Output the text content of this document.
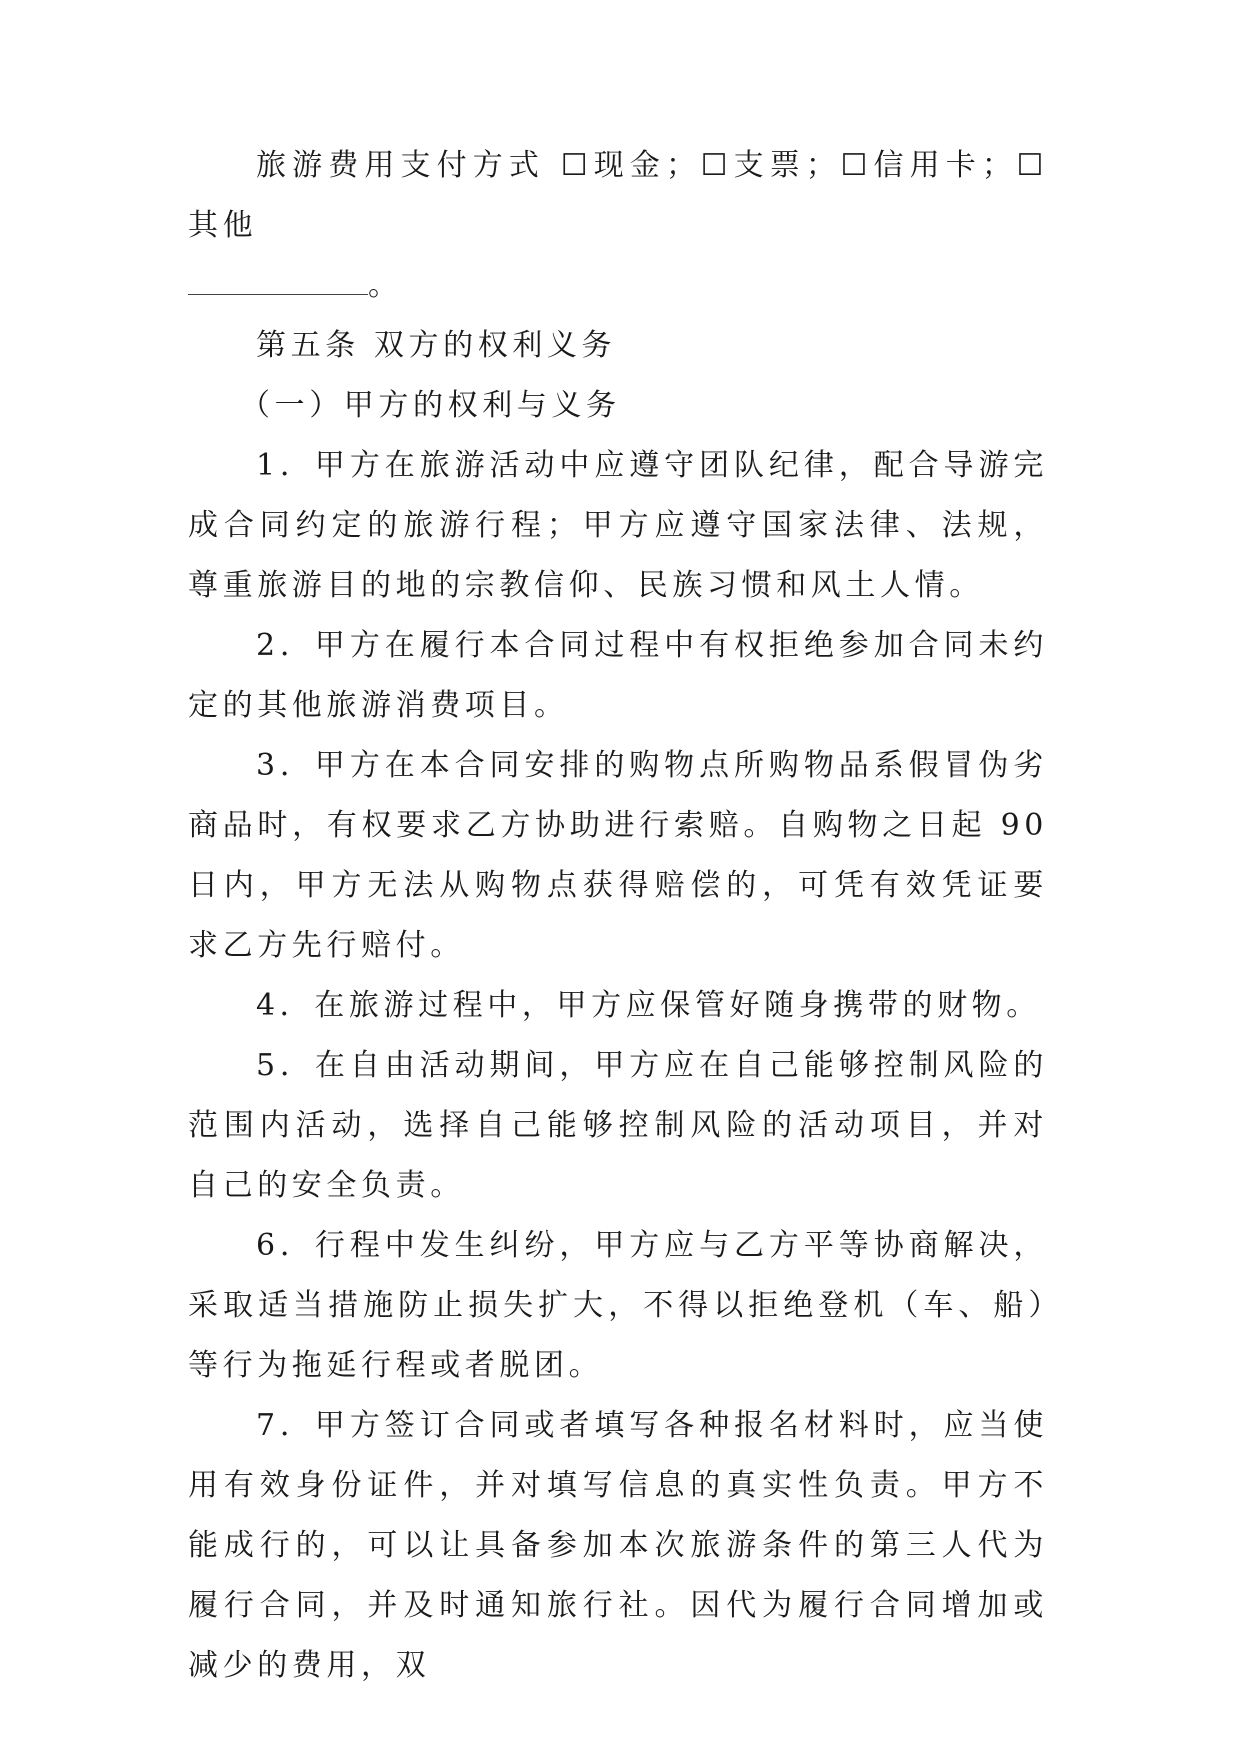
旅游费用支付方式 ☐现金；☐支票；☐信用卡；☐其他

。

第五条 双方的权利义务

（一）甲方的权利与义务

1．甲方在旅游活动中应遵守团队纪律，配合导游完成合同约定的旅游行程；甲方应遵守国家法律、法规，尊重旅游目的地的宗教信仰、民族习惯和风土人情。

2．甲方在履行本合同过程中有权拒绝参加合同未约定的其他旅游消费项目。

3．甲方在本合同安排的购物点所购物品系假冒伪劣商品时，有权要求乙方协助进行索赔。自购物之日起 90 日内，甲方无法从购物点获得赔偿的，可凭有效凭证要求乙方先行赔付。

4．在旅游过程中，甲方应保管好随身携带的财物。

5．在自由活动期间，甲方应在自己能够控制风险的范围内活动，选择自己能够控制风险的活动项目，并对自己的安全负责。

6．行程中发生纠纷，甲方应与乙方平等协商解决，采取适当措施防止损失扩大，不得以拒绝登机（车、船）等行为拖延行程或者脱团。

7．甲方签订合同或者填写各种报名材料时，应当使用有效身份证件，并对填写信息的真实性负责。甲方不能成行的，可以让具备参加本次旅游条件的第三人代为履行合同，并及时通知旅行社。因代为履行合同增加或减少的费用，双
